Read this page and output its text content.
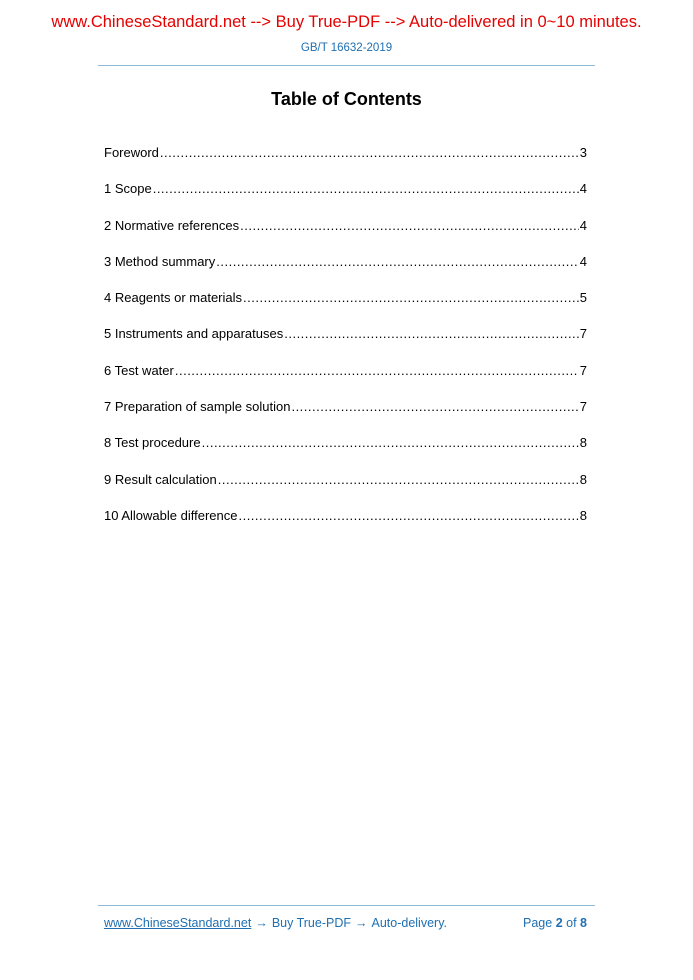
www.ChineseStandard.net --> Buy True-PDF --> Auto-delivered in 0~10 minutes.
GB/T 16632-2019
Table of Contents
Foreword .....	3
1 Scope .....	4
2 Normative references .....	4
3 Method summary .....	4
4 Reagents or materials .....	5
5 Instruments and apparatuses .....	7
6 Test water .....	7
7 Preparation of sample solution .....	7
8 Test procedure .....	8
9 Result calculation .....	8
10 Allowable difference .....	8
www.ChineseStandard.net → Buy True-PDF → Auto-delivery.	Page 2 of 8
